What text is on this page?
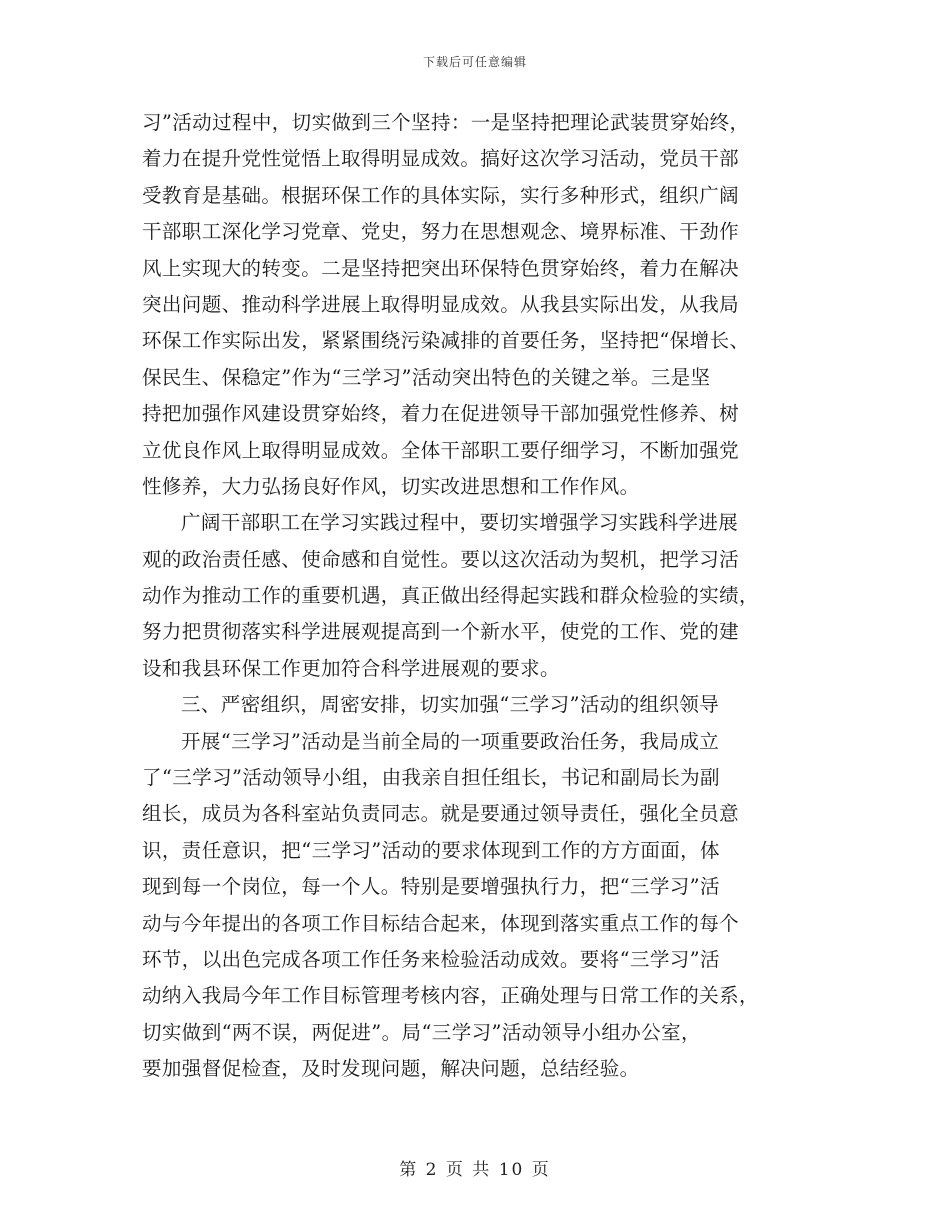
下载后可任意编辑
习”活动过程中，切实做到三个坚持：一是坚持把理论武装贯穿始终，
着力在提升党性觉悟上取得明显成效。搞好这次学习活动，党员干部
受教育是基础。根据环保工作的具体实际，实行多种形式，组织广阔
干部职工深化学习党章、党史，努力在思想观念、境界标准、干劲作
风上实现大的转变。二是坚持把突出环保特色贯穿始终，着力在解决
突出问题、推动科学进展上取得明显成效。从我县实际出发，从我局
环保工作实际出发，紧紧围绕污染减排的首要任务，坚持把“保增长、
保民生、保稳定”作为“三学习”活动突出特色的关键之举。三是坚
持把加强作风建设贯穿始终，着力在促进领导干部加强党性修养、树
立优良作风上取得明显成效。全体干部职工要仔细学习，不断加强党
性修养，大力弘扬良好作风，切实改进思想和工作作风。
广阔干部职工在学习实践过程中，要切实增强学习实践科学进展
观的政治责任感、使命感和自觉性。要以这次活动为契机，把学习活
动作为推动工作的重要机遇，真正做出经得起实践和群众检验的实绩，
努力把贯彻落实科学进展观提高到一个新水平，使党的工作、党的建
设和我县环保工作更加符合科学进展观的要求。
三、严密组织，周密安排，切实加强“三学习”活动的组织领导
开展“三学习”活动是当前全局的一项重要政治任务，我局成立
了“三学习”活动领导小组，由我亲自担任组长，书记和副局长为副
组长，成员为各科室站负责同志。就是要通过领导责任，强化全员意
识，责任意识，把“三学习”活动的要求体现到工作的方方面面，体
现到每一个岗位，每一个人。特别是要增强执行力，把“三学习”活
动与今年提出的各项工作目标结合起来，体现到落实重点工作的每个
环节，以出色完成各项工作任务来检验活动成效。要将“三学习”活
动纳入我局今年工作目标管理考核内容，正确处理与日常工作的关系，
切实做到“两不误，两促进”。局“三学习”活动领导小组办公室，
要加强督促检查，及时发现问题，解决问题，总结经验。
第 2 页 共 10 页
